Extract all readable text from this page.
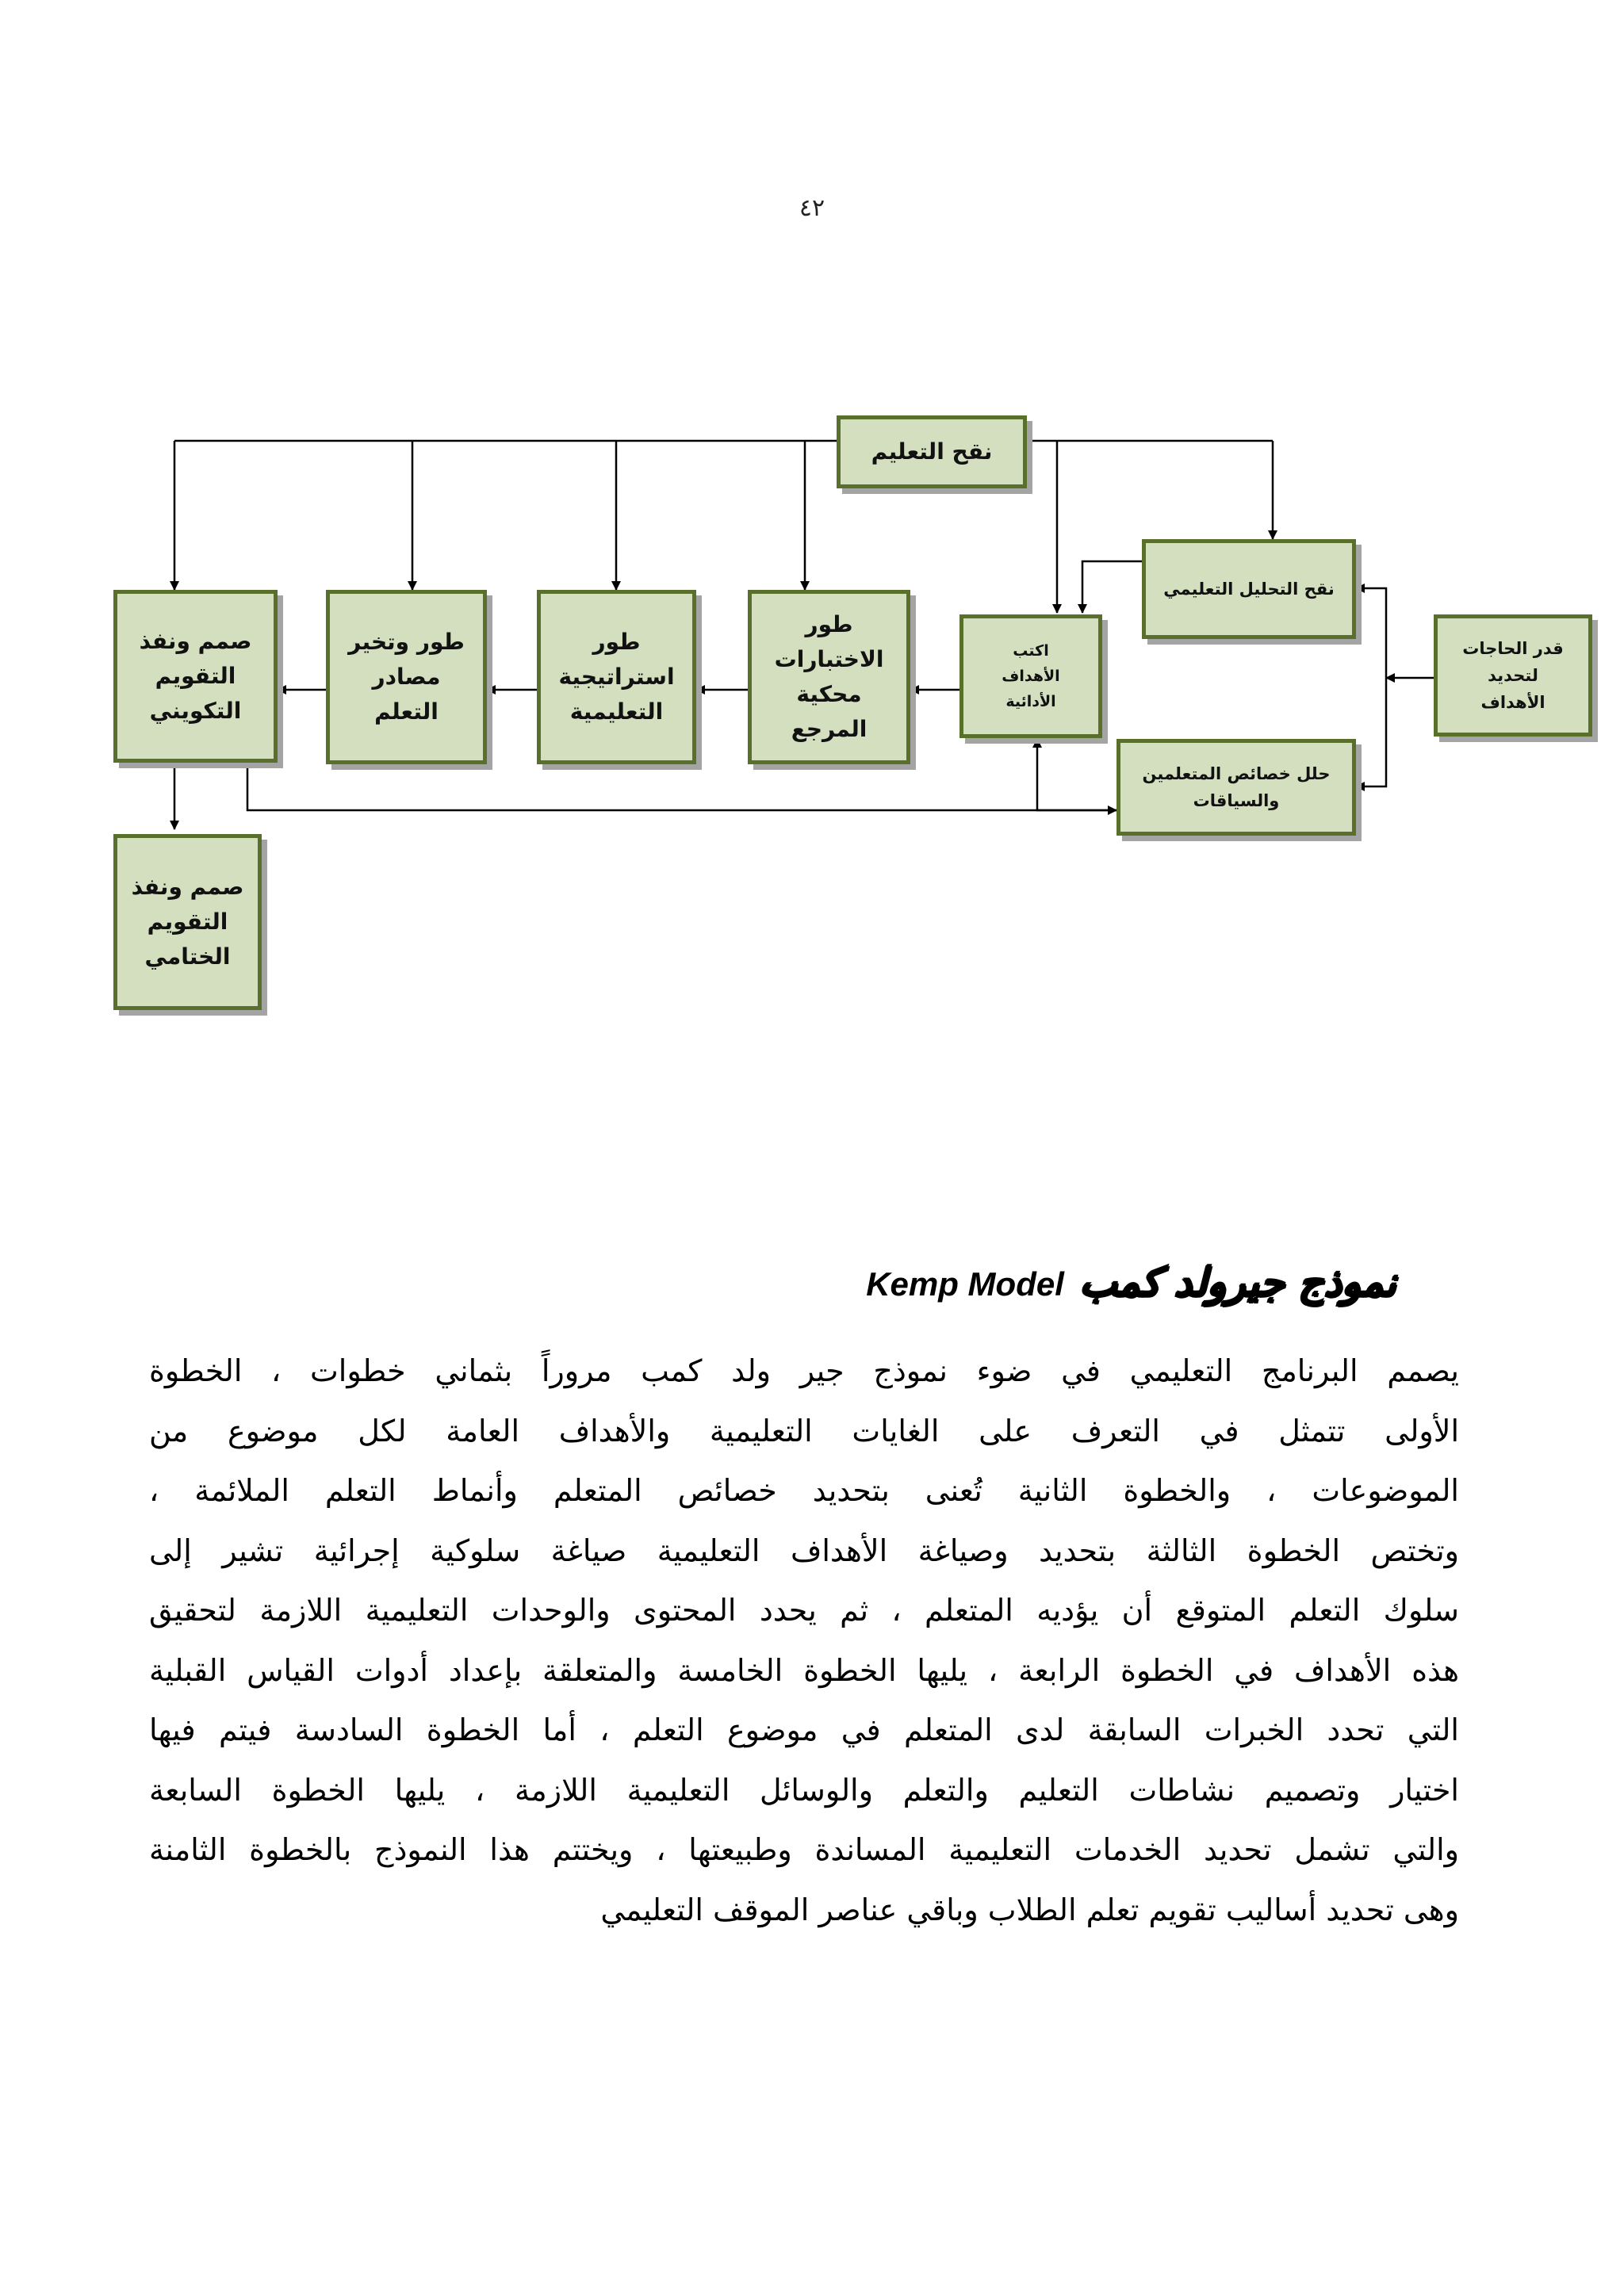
٤٢
نقح التعليم
نقح التحليل التعليمي
قدر الحاجات
لتحديد
الأهداف
اكتب
الأهداف
الأدائية
حلل خصائص المتعلمين
والسياقات
طور
الاختبارات
محكية
المرجع
طور
استراتيجية
التعليمية
طور وتخير
مصادر
التعلم
صمم ونفذ
التقويم
التكويني
صمم ونفذ
التقويم
الختامي
نموذج جيرولد كمب Kemp Model
يصمم البرنامج التعليمي في ضوء نموذج جير ولد كمب مروراً بثماني خطوات ، الخطوة
الأولى تتمثل في التعرف على الغايات التعليمية والأهداف العامة لكل موضوع من
الموضوعات ، والخطوة الثانية تُعنى بتحديد خصائص المتعلم وأنماط التعلم الملائمة ،
وتختص الخطوة الثالثة بتحديد وصياغة الأهداف التعليمية صياغة سلوكية إجرائية تشير إلى
سلوك التعلم المتوقع أن يؤديه المتعلم ، ثم يحدد المحتوى والوحدات التعليمية اللازمة لتحقيق
هذه الأهداف في الخطوة الرابعة ، يليها الخطوة الخامسة والمتعلقة بإعداد أدوات القياس القبلية
التي تحدد الخبرات السابقة لدى المتعلم في موضوع التعلم ، أما الخطوة السادسة فيتم فيها
اختيار وتصميم نشاطات التعليم والتعلم والوسائل التعليمية اللازمة ، يليها الخطوة السابعة
والتي تشمل تحديد الخدمات التعليمية المساندة وطبيعتها ، ويختتم هذا النموذج بالخطوة الثامنة
وهى تحديد أساليب تقويم تعلم الطلاب وباقي عناصر الموقف التعليمي
